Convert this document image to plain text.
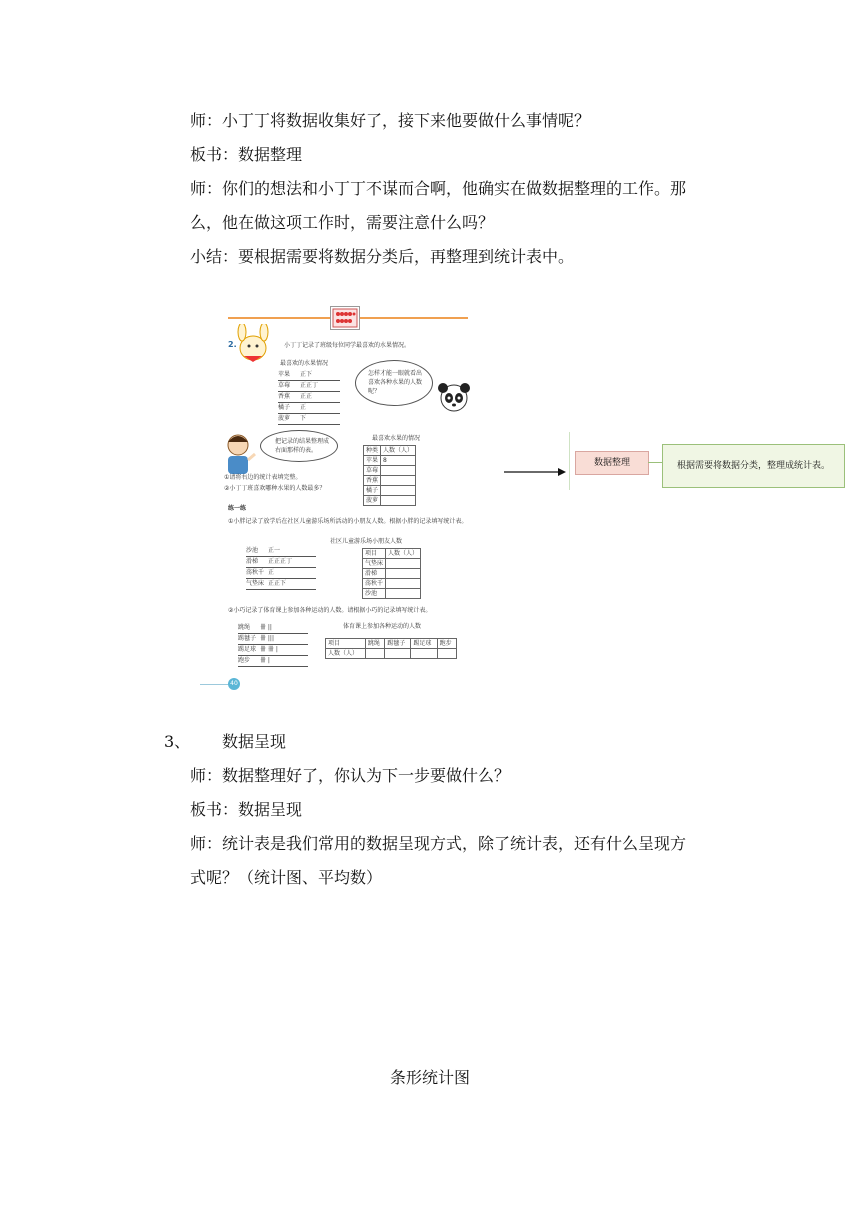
师：小丁丁将数据收集好了，接下来他要做什么事情呢？
板书：数据整理
师：你们的想法和小丁丁不谋而合啊，他确实在做数据整理的工作。那
么，他在做这项工作时，需要注意什么吗？
小结：要根据需要将数据分类后，再整理到统计表中。
2.	小丁丁记录了班级每位同学最喜欢的水果情况。
最喜欢的水果情况
苹果 正下
草莓 正正丁
香蕉 正正
橘子 正
菠萝 下
怎样才能一眼就看出喜欢各种水果的人数呢？
把记录的结果整理成右面那样的表。
①请将右边的统计表填完整。
②小丁丁班喜欢哪种水果的人数最多？
最喜欢水果的情况
种类	人数（人）
苹果	8
草莓	
香蕉	
橘子	
菠萝	
练一练
①小胖记录了放学后在社区儿童游乐场所活动的小朋友人数。根据小胖的记录填写统计表。
社区儿童游乐场小朋友人数
沙池 正一
滑梯 正正正丁
荡秋千 正
气垫床 正正下
项目	人数（人）
气垫床	
滑梯	
荡秋千	
沙池	
②小巧记录了体育课上参加各种运动的人数。请根据小巧的记录填写统计表。
体育课上参加各种运动的人数
跳绳 卌 ||
踢毽子 卌 |||
踢足球 卌 卌 |
跑步 卌 |
项目	跳绳	踢毽子	踢足球	跑步
人数（人）				
40
数据整理	根据需要将数据分类，整理成统计表。
3、 数据呈现
师：数据整理好了，你认为下一步要做什么？
板书：数据呈现
师：统计表是我们常用的数据呈现方式，除了统计表，还有什么呈现方
式呢？（统计图、平均数）
条形统计图
